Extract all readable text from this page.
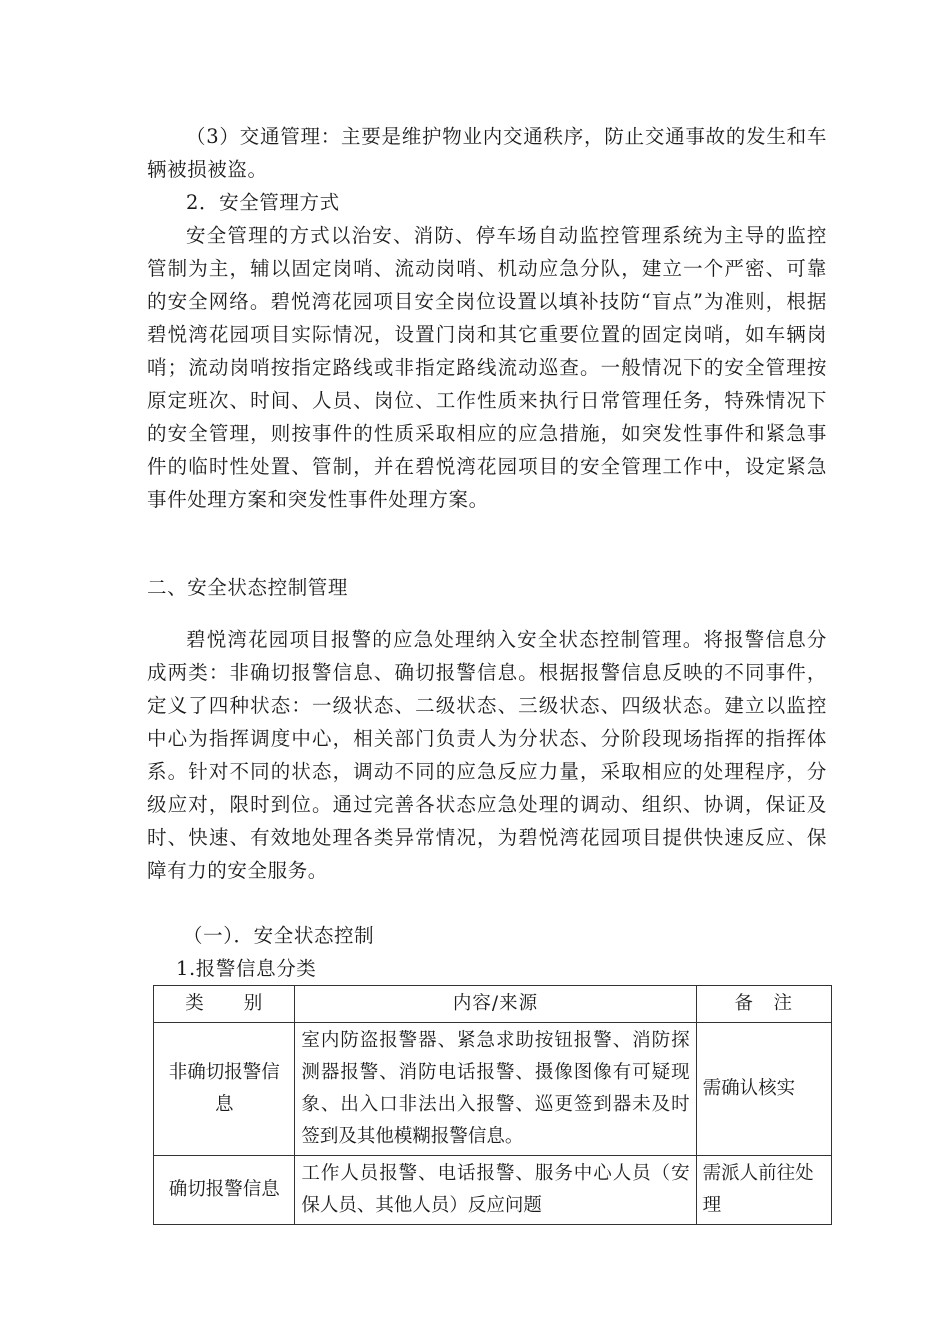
（3）交通管理：主要是维护物业内交通秩序，防止交通事故的发生和车辆被损被盗。

2．安全管理方式

安全管理的方式以治安、消防、停车场自动监控管理系统为主导的监控管制为主，辅以固定岗哨、流动岗哨、机动应急分队，建立一个严密、可靠的安全网络。碧悦湾花园项目安全岗位设置以填补技防“盲点”为准则，根据碧悦湾花园项目实际情况，设置门岗和其它重要位置的固定岗哨，如车辆岗哨；流动岗哨按指定路线或非指定路线流动巡查。一般情况下的安全管理按原定班次、时间、人员、岗位、工作性质来执行日常管理任务，特殊情况下的安全管理，则按事件的性质采取相应的应急措施，如突发性事件和紧急事件的临时性处置、管制，并在碧悦湾花园项目的安全管理工作中，设定紧急事件处理方案和突发性事件处理方案。

二、安全状态控制管理

碧悦湾花园项目报警的应急处理纳入安全状态控制管理。将报警信息分成两类：非确切报警信息、确切报警信息。根据报警信息反映的不同事件，定义了四种状态：一级状态、二级状态、三级状态、四级状态。建立以监控中心为指挥调度中心，相关部门负责人为分状态、分阶段现场指挥的指挥体系。针对不同的状态，调动不同的应急反应力量，采取相应的处理程序，分级应对，限时到位。通过完善各状态应急处理的调动、组织、协调，保证及时、快速、有效地处理各类异常情况，为碧悦湾花园项目提供快速反应、保障有力的安全服务。

（一）．安全状态控制

1.报警信息分类

类　　别	内容/来源	备　注
非确切报警信息	室内防盗报警器、紧急求助按钮报警、消防探测器报警、消防电话报警、摄像图像有可疑现象、出入口非法出入报警、巡更签到器未及时签到及其他模糊报警信息。	需确认核实
确切报警信息	工作人员报警、电话报警、服务中心人员（安保人员、其他人员）反应问题	需派人前往处理
